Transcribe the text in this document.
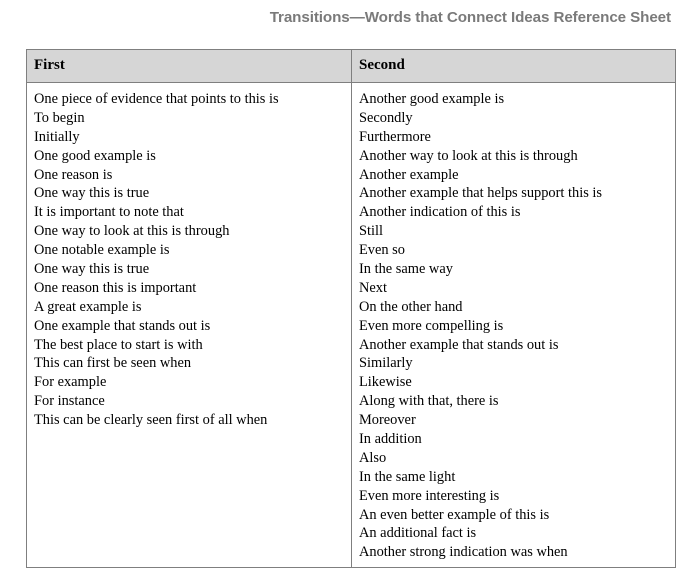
Transitions—Words that Connect Ideas Reference Sheet
First	Second
One piece of evidence that points to this is
To begin
Initially
One good example is
One reason is
One way this is true
It is important to note that
One way to look at this is through
One notable example is
One way this is true
One reason this is important
A great example is
One example that stands out is
The best place to start is with
This can first be seen when
For example
For instance
This can be clearly seen first of all when
Another good example is
Secondly
Furthermore
Another way to look at this is through
Another example
Another example that helps support this is
Another indication of this is
Still
Even so
In the same way
Next
On the other hand
Even more compelling is
Another example that stands out is
Similarly
Likewise
Along with that, there is
Moreover
In addition
Also
In the same light
Even more interesting is
An even better example of this is
An additional fact is
Another strong indication was when
